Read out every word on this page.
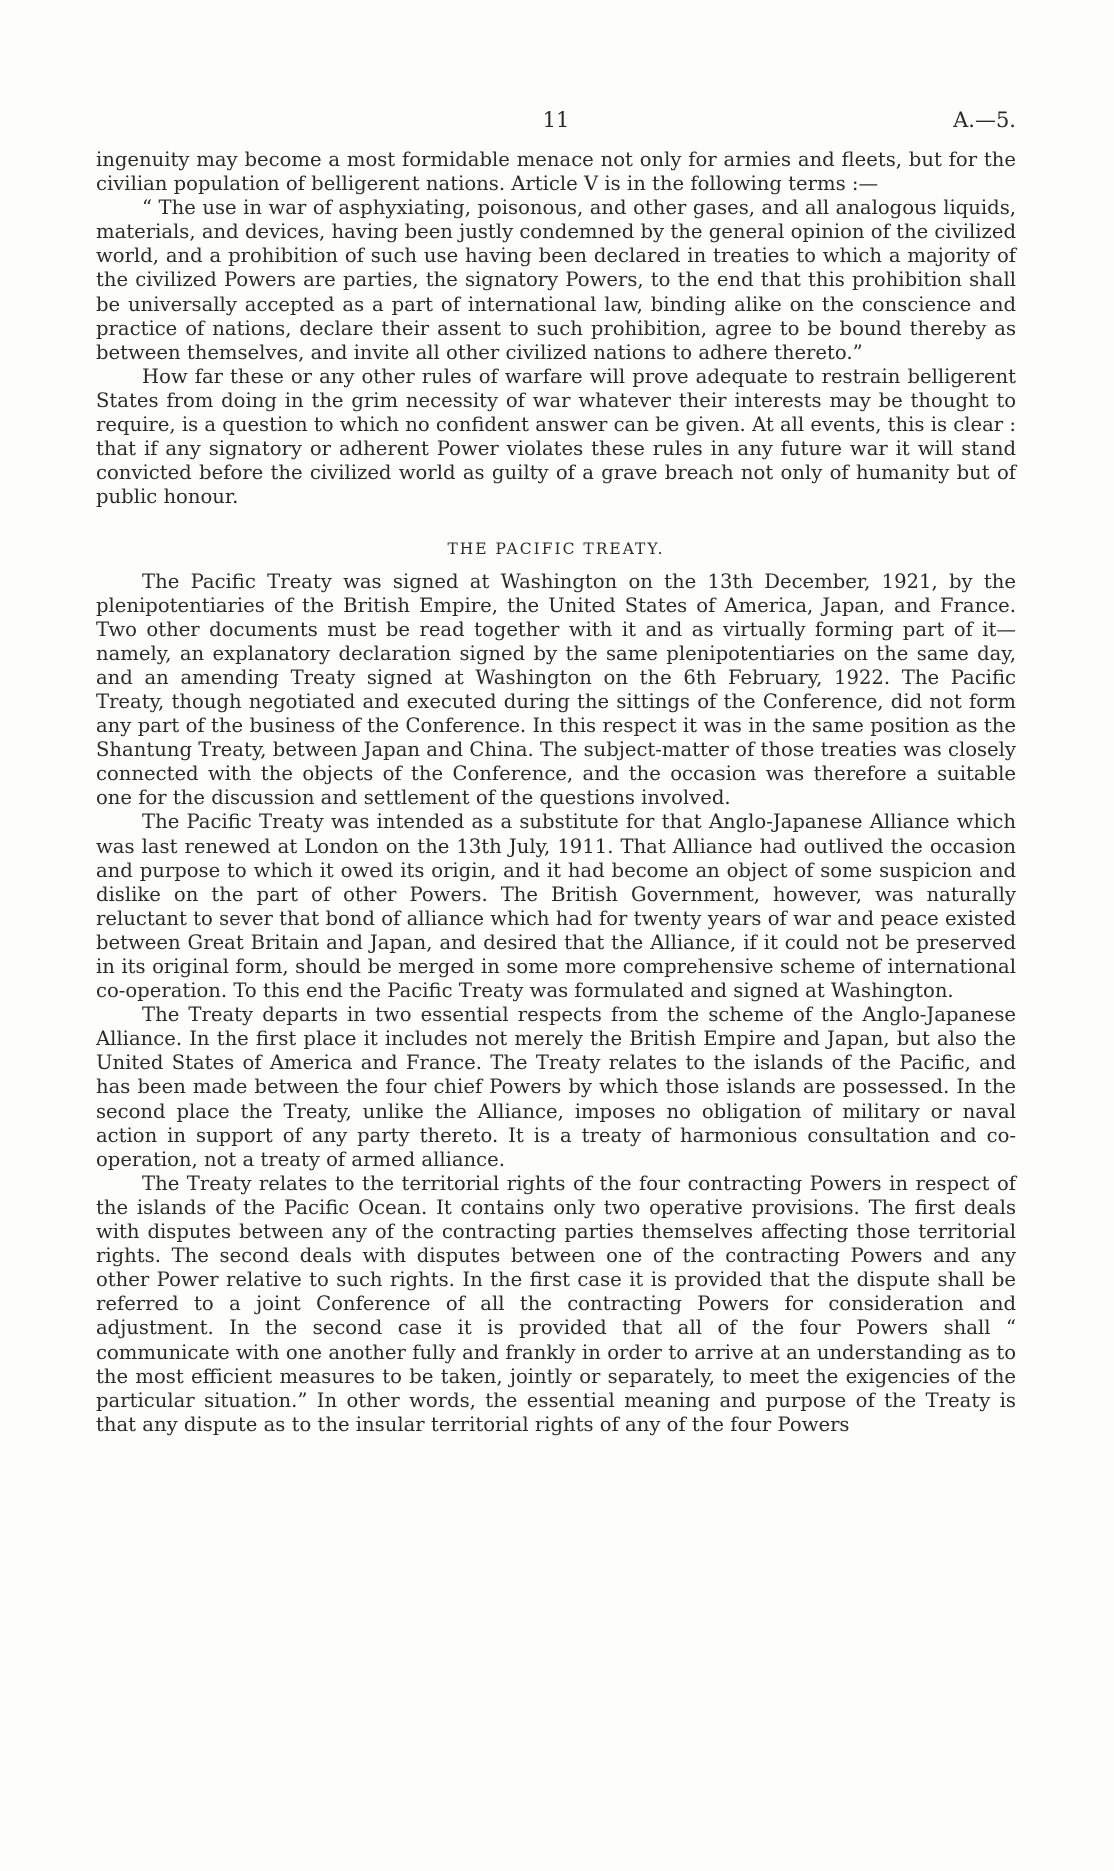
11	A.—5.

ingenuity may become a most formidable menace not only for armies and fleets, but for the civilian population of belligerent nations. Article V is in the following terms :—

“ The use in war of asphyxiating, poisonous, and other gases, and all analogous liquids, materials, and devices, having been justly condemned by the general opinion of the civilized world, and a prohibition of such use having been declared in treaties to which a majority of the civilized Powers are parties, the signatory Powers, to the end that this prohibition shall be universally accepted as a part of international law, binding alike on the conscience and practice of nations, declare their assent to such prohibition, agree to be bound thereby as between themselves, and invite all other civilized nations to adhere thereto.”

How far these or any other rules of warfare will prove adequate to restrain belligerent States from doing in the grim necessity of war whatever their interests may be thought to require, is a question to which no confident answer can be given. At all events, this is clear : that if any signatory or adherent Power violates these rules in any future war it will stand convicted before the civilized world as guilty of a grave breach not only of humanity but of public honour.

THE PACIFIC TREATY.

The Pacific Treaty was signed at Washington on the 13th December, 1921, by the plenipotentiaries of the British Empire, the United States of America, Japan, and France. Two other documents must be read together with it and as virtually forming part of it—namely, an explanatory declaration signed by the same plenipotentiaries on the same day, and an amending Treaty signed at Washington on the 6th February, 1922. The Pacific Treaty, though negotiated and executed during the sittings of the Conference, did not form any part of the business of the Conference. In this respect it was in the same position as the Shantung Treaty, between Japan and China. The subject-matter of those treaties was closely connected with the objects of the Conference, and the occasion was therefore a suitable one for the discussion and settlement of the questions involved.

The Pacific Treaty was intended as a substitute for that Anglo-Japanese Alliance which was last renewed at London on the 13th July, 1911. That Alliance had outlived the occasion and purpose to which it owed its origin, and it had become an object of some suspicion and dislike on the part of other Powers. The British Government, however, was naturally reluctant to sever that bond of alliance which had for twenty years of war and peace existed between Great Britain and Japan, and desired that the Alliance, if it could not be preserved in its original form, should be merged in some more comprehensive scheme of international co-operation. To this end the Pacific Treaty was formulated and signed at Washington.

The Treaty departs in two essential respects from the scheme of the Anglo-Japanese Alliance. In the first place it includes not merely the British Empire and Japan, but also the United States of America and France. The Treaty relates to the islands of the Pacific, and has been made between the four chief Powers by which those islands are possessed. In the second place the Treaty, unlike the Alliance, imposes no obligation of military or naval action in support of any party thereto. It is a treaty of harmonious consultation and co-operation, not a treaty of armed alliance.

The Treaty relates to the territorial rights of the four contracting Powers in respect of the islands of the Pacific Ocean. It contains only two operative provisions. The first deals with disputes between any of the contracting parties themselves affecting those territorial rights. The second deals with disputes between one of the contracting Powers and any other Power relative to such rights. In the first case it is provided that the dispute shall be referred to a joint Conference of all the contracting Powers for consideration and adjustment. In the second case it is provided that all of the four Powers shall “ communicate with one another fully and frankly in order to arrive at an understanding as to the most efficient measures to be taken, jointly or separately, to meet the exigencies of the particular situation.” In other words, the essential meaning and purpose of the Treaty is that any dispute as to the insular territorial rights of any of the four Powers
